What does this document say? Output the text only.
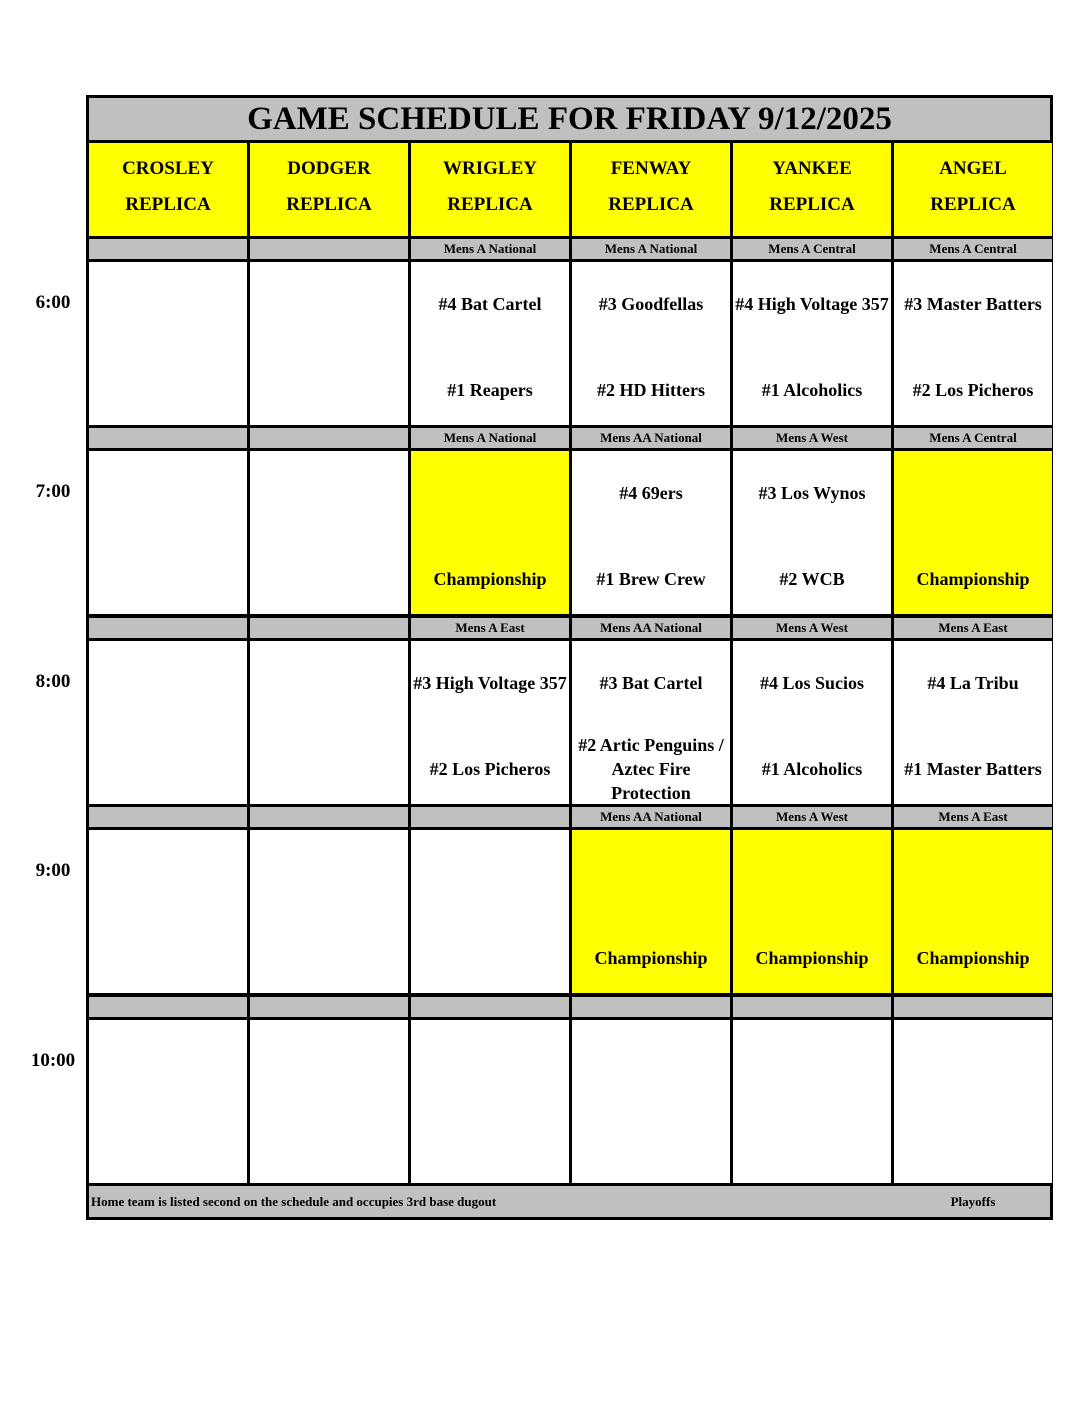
GAME SCHEDULE FOR FRIDAY 9/12/2025
Home team is listed second on the schedule and occupies 3rd base dugout	Playoffs
CROSLEY
REPLICA
DODGER
REPLICA
WRIGLEY
REPLICA
FENWAY
REPLICA
YANKEE
REPLICA
ANGEL
REPLICA
Mens A National
#4 Bat Cartel
#1 Reapers
Mens A National
#3 Goodfellas
#2 HD Hitters
Mens A Central
#4 High Voltage 357
#1 Alcoholics
Mens A Central
#3 Master Batters
#2 Los Picheros
Mens A National
Championship
Mens AA National
#4 69ers
#1 Brew Crew
Mens A West
#3 Los Wynos
#2 WCB
Mens A Central
Championship
Mens A East
#3 High Voltage 357
#2 Los Picheros
Mens AA National
#3 Bat Cartel
#2 Artic Penguins / Aztec Fire Protection
Mens A West
#4 Los Sucios
#1 Alcoholics
Mens A East
#4 La Tribu
#1 Master Batters
Mens AA National
Championship
Mens A West
Championship
Mens A East
Championship
6:00
7:00
8:00
9:00
10:00
